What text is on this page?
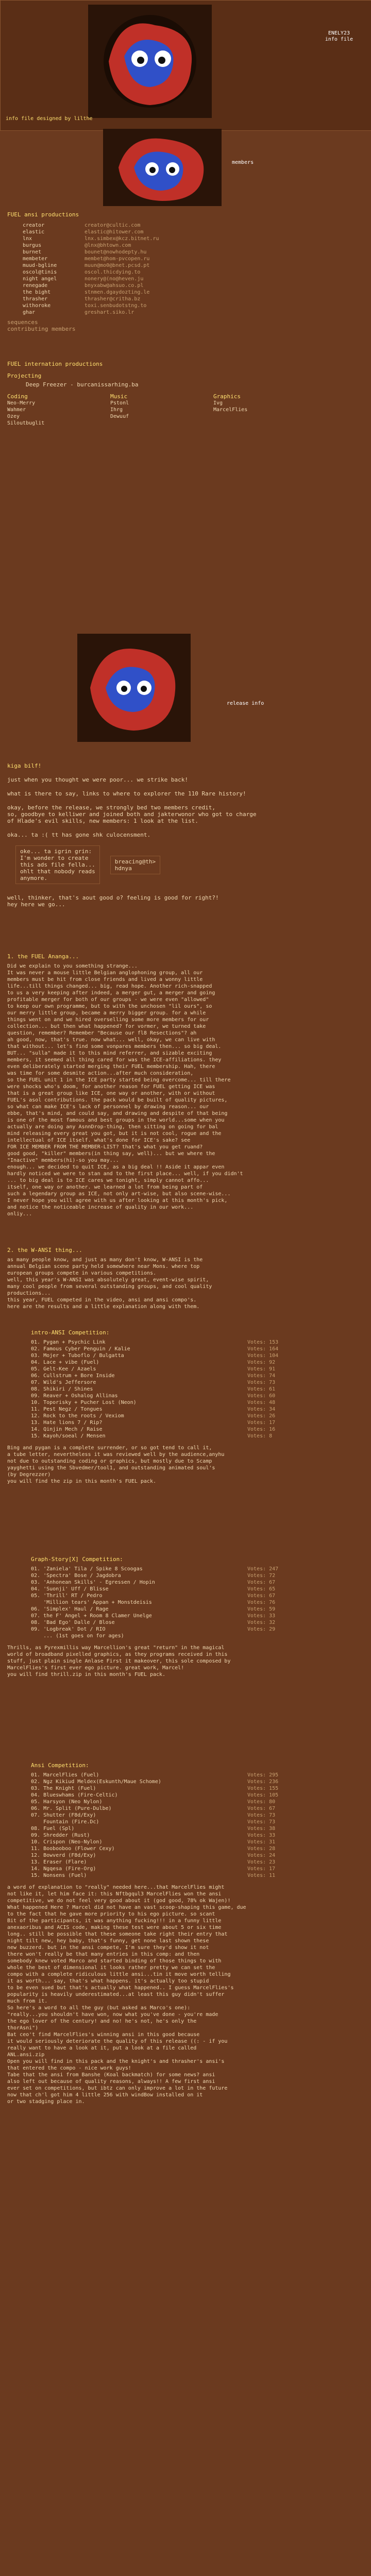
ENELY23
info file
info file designed by lilthe
members
FUEL ansi productions
creator	creator@cultic.com
elastic	elastic@hitower.com
lnx	lnx.simbex@kcz.bitnet.ru
burgus	@lnx@bhtown.com
burnet	bounet@nowhodepty.hu
membeter	membet@hom-pvcopen.ru
muud-bgline	muun@mo0@bnet.pcsd.pt
oscol@tinis	oscol.thicdying.to
night angel	nonery@(no@heven.ju
renegade	bnyxabw@ahsuo.co.pl
the bight	stnmen.dgaydozting.le
thrasher	thrasher@critha.bz
withoroke	toxi.senbudotstng.to
ghar	greshart.siko.lr
sequences
contributing members
FUEL internation productions
Projecting
Deep Freezer - burcanissarhing.ba
Coding
Neo-Merry
Wahmer
Ozey
Siloutbuglit
Music
Pstonl
Ihrg
Dewuuf
Graphics
Ivg
MarcelFlies
release info
kiga bilf!
just when you thought we were poor... we strike back!
what is there to say, links to where to explorer the 110 Rare history!
okay, before the release, we strongly bed two members credit,
so, goodbye to kelliwer and joined both and jakterwonor who got to charge
of Hlade's evil skills, new members: 1 look at the list.
oka... ta :( tt has gone shk culocensment.
oke... ta igrin grin:
I'm wonder to create
this ads file fella...
ohlt that nobody reads
anymore.
breacing@th>
hdnya
well, thinker, that's aout good o? feeling is good for right?!
hey here we go...
1. the FUEL Ananga...
Did we explain to you something strange...
It was never a mouse little Belgian anglophoning group, all our
members must be hit from close friends and lived a wonny little
life...till things changed... big, read hope. Another rich-snapped
to us a very keeping after indeed, a merger gut, a merger and going
profitable merger for both of our groups - we were even "allowed"
to keep our own programme, but to with the unchosen "lil ours", so
our merry little group, became a merry bigger group. for a while
things went on and we hired overselling some more members for our
collection... but then what happened? for vormer, we turned take
question, remember? Remember "Because our fl8 Resections"? ah
ah good, now, that's true. now what... well, okay, we can live with
that without... let's find some vonpares members then... so big deal.
BUT... "sulla" made it to this mind referrer, and sizable exciting
members, it seemed all thing cared for was the ICE-affiliations. they
even deliberately started merging their FUEL membership. Hah, there
was time for some desmite action...after much consideration,
so the FUEL unit 1 in the ICE party started being overcome... till there
were shocks who's doom, for another reason for FUEL getting ICE was
that is a great group like ICE, one way or another, with or without
FUEL's asol contributions. the pack would be built of quality pictures,
so what can make ICE's lack of personnel by drawing reason... our
ebbe, that's mind, and could say, and drawing and despite of that being
is one of the most famous and best groups in the world...some when you
actually are doing any AsnnDrop-thing, then sitting on going for bal
mind releasing every great you got, but it is not cool, rogue and the
intellectual of ICE itself. what's done for ICE's sake? see
FOR ICE MEMBER FROM THE MEMBER-LIST? that's what you get ruand?
good good, "killer" members(in thing say, well)... but we where the
"Inactive" members(hi)-so you may...
enough... we decided to quit ICE, as a big deal !! Aside it appar even
hardly noticed we were to stan and to the first place... well, if you didn't
... to big deal is to ICE cares we tonight, simply cannot affo...
itself, one way or another. we learned a lot from being part of
such a legendary group as ICE, not only art-wise, but also scene-wise...
I never hope you will agree with us after looking at this month's pick,
and notice the noticeable increase of quality in our work...
onliy...
2. the W-ANSI thing...
as many people know, and just as many don't know, W-ANSI is the
annual Belgian scene party held somewhere near Mons. where top
european groups compete in various competitions.
well, this year's W-ANSI was absolutely great, event-wise spirit,
many cool people from several outstanding groups, and cool quality
productions...
this year, FUEL competed in the video, ansi and ansi compo's.
here are the results and a little explanation along with them.
intro-ANSI Competition:
01. Pygan + Psychic Link	Votes: 153
02. Famous Cyber Penguin / Kalie	Votes: 164
03. Mojer + Tuboflo / Bulgatta	Votes: 104
04. Lace + vibe (Fuel)	Votes: 92
05. Gelt-Kee / Azaels	Votes: 91
06. Cullstrum + Bore Inside	Votes: 74
07. Wild's Jeffersore	Votes: 73
08. Shikiri / Shines	Votes: 61
09. Reaver + Oshalog Allinas	Votes: 60
10. Toporisky + Pucher Lost (Neon)	Votes: 48
11. Pest Negz / Tongues	Votes: 34
12. Rock to the roots / Vexiom	Votes: 26
13. Hate lions 7 / Rip?	Votes: 17
14. Qinjin Mech / Raise	Votes: 16
15. Kayoh/soeal / Mensen	Votes: 8
Bing and pygan is a complete surrender, or so got tend to call it,
a tube letter, nevertheless it was reviewed well by the audience,anyhu
not due to outstanding coding or graphics, but mostly due to Scamp
yayghetti using the Sbvedmer/tool1, and outstanding animated soul's
(by Degrezzer)
you will find the zip in this month's FUEL pack.
Graph-Story[X] Competition:
01. 'Zaniela' Tila / Spike 8 Scoogas	Votes: 247
02. 'Spectra' Bose / Jagdobra	Votes: 72
03. 'Anhonean Skills' - Egressen / Hopin	Votes: 67
04. 'Suonji' Uff / Blisse	Votes: 65
05. 'Thrill' RT / Pedro	Votes: 67
'Million tears' Appan + Monstdeisis	Votes: 76
06. 'Simplex' Haul / Rage	Votes: 59
07. the F' Angel + Room 8 Clamer Unelge	Votes: 33
08. 'Bad Ego' Dalle / Blose	Votes: 32
09. 'Logbreak' Dot / RIO	Votes: 29
... (1st goes on for ages)
Thrills, as Pyrexmillis way Marcellion's great "return" in the magical
world of broadband pixelled graphics, as they programs received in this
stuff, just plain single Anlase First it makeover, this sole composed by
MarcelFlies's first ever ego picture. great work, Marcel!
you will find thrill.zip in this month's FUEL pack.
Ansi Competition:
01. MarcelFlies (Fuel)	Votes: 295
02. Ngz Kikiud Meldex(Eskunth/Maue Schome)	Votes: 236
03. The Knight (Fuel)	Votes: 155
04. Blueswhams (Fire-Celtic)	Votes: 105
05. Harsyon (Neo Nylon)	Votes: 80
06. Mr. Split (Pure-Dulbe)	Votes: 67
07. Shutter (F8d/Exy)	Votes: 73
Fountain (Fire.Dc)	Votes: 73
08. Fuel (Spl)	Votes: 38
09. Shredder (Rust)	Votes: 33
10. Crispon (Neo-Nylon)	Votes: 31
11. Boobooboo (Flower Cexy)	Votes: 28
12. Bowverd (F8d/Exy)	Votes: 24
13. Eraser (Flare)	Votes: 23
14. Ngqesa (Fire-Org)	Votes: 17
15. Nonsens (Fuel)	Votes: 11
a word of explanation to "really" needed here...that MarcelFlies might
not like it, let him face it: this Nftbgqul3 MarcelFlies won the ansi
competitive, we do not feel very good about it (god good, 78% ok Wajen)!
What happened Here ? Marcel did not have an vast scoop-shaping this game, due
to the fact that he gave more priority to his ego picture. so scant
Bit of the participants, it was anything fucking!!! in a funny little
anexaoribus and ACIS code, making these test were about 5 or six time
long.. still be possible that these someone take right their entry that
night tilt new, hey baby, that's funny, get none last shown these
new buzzerd. but in the ansi compete, I'm sure they'd show it not
there won't really be that many entries in this comp: and then
somebody knew voted Marco and started binding of those things to with
whole the best of dimensional it looks rather pretty we can set the
compo with a complete ridiculous little ansi...tin it move worth telling
it as worth... say, that's what happens. it's actually too stupid
to be even sued but that's actually what happened.. I guess MarcelFlies's
popularity is heavily underestimated...at least this guy didn't suffer
much from it.
So here's a word to all the guy (but asked as Marco's one):
"really...you shouldn't have won, now what you've done - you're made
the ego lover of the century! and no! he's not, he's only the
thorAsni")
Bat ceo't find MarcelFlies's winning ansi in this good because
it would seriously deteriorate the quality of this release ((: - if you
really want to have a look at it, put a look at a file called
ANL.ansi.zip
Open you will find in this pack and the knight's and thrasher's ansi's
that entered the compo - nice work guys!
Tabe that the ansi from Banshe (Koal backmatch) for some news? ansi
also left out because of quality reasons, always!! A few first ansi
ever set on competitions, but ibtz can only improve a lot in the future
now that ch'l got him 4 little 256 with windBow installed on it
or two stadging place in.
